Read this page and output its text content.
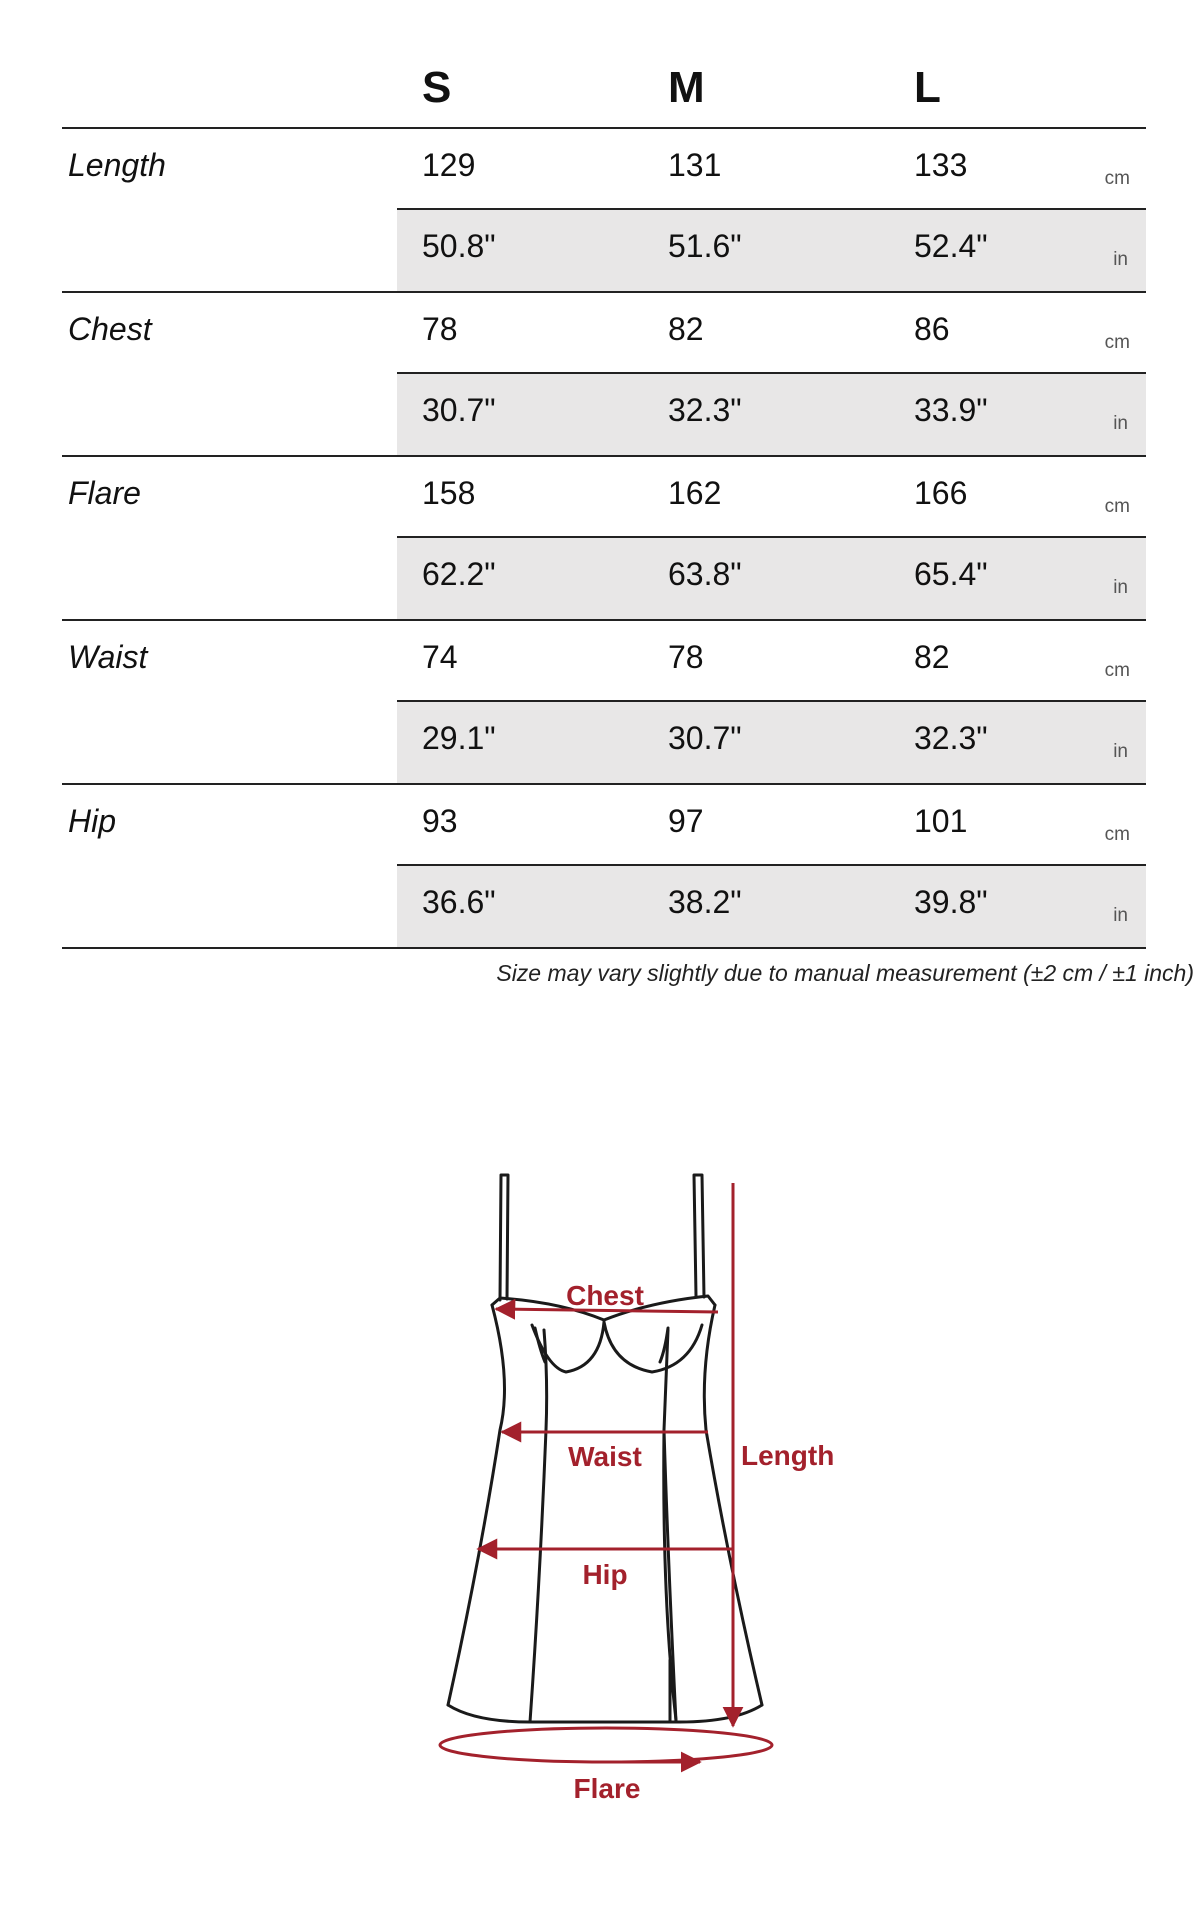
S	M	L
Length	129	131	133	cm
50.8"	51.6"	52.4"	in
Chest	78	82	86	cm
30.7"	32.3"	33.9"	in
Flare	158	162	166	cm
62.2"	63.8"	65.4"	in
Waist	74	78	82	cm
29.1"	30.7"	32.3"	in
Hip	93	97	101	cm
36.6"	38.2"	39.8"	in
Size may vary slightly due to manual measurement (±2 cm / ±1 inch)
Chest
Waist
Hip
Length
Flare
